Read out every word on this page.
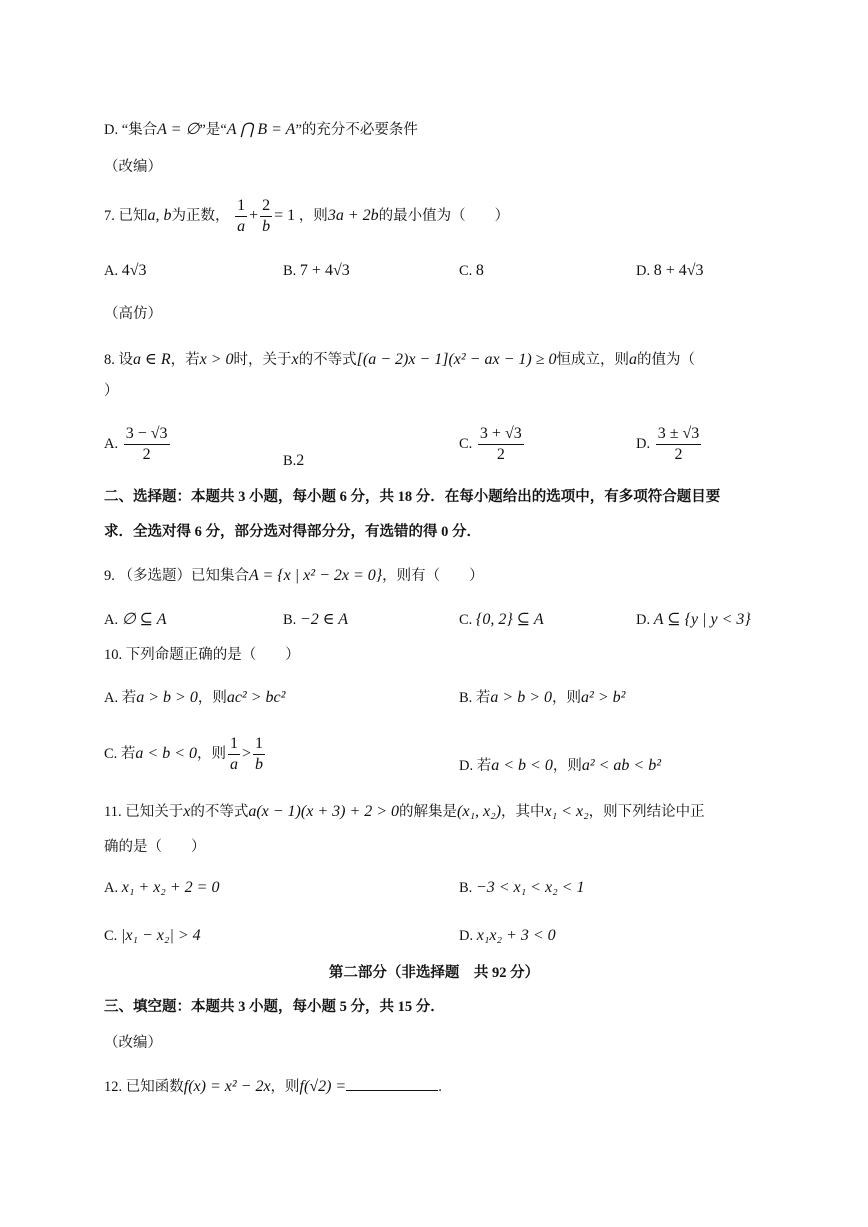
D. “集合A = ∅”是“A ⋂ B = A”的充分不必要条件
（改编）
7. 已知a, b为正数， $\frac{1}{a} + \frac{2}{b} = 1$ ，则3a + 2b的最小值为（　　）
A. 4√3	B. 7 + 4√3	C. 8	D. 8 + 4√3
（高仿）
8. 设a ∈ R，若x > 0时，关于x的不等式[(a − 2)x − 1](x² − ax − 1) ≥ 0恒成立，则a的值为（
）
A. $\frac{3 - √3}{2}$	B.2
C. $\frac{3 + √3}{2}$	D. $\frac{3 \pm √3}{2}$
二、选择题：本题共 3 小题，每小题 6 分，共 18 分．在每小题给出的选项中，有多项符合题目要
求．全选对得 6 分，部分选对得部分分，有选错的得 0 分．
9. （多选题）已知集合A = {x | x² − 2x = 0}，则有（　　）
A. ∅ ⊆ A	B. −2 ∈ A	C. {0, 2} ⊆ A	D. A ⊆ {y | y < 3}
10. 下列命题正确的是（　　）
A. 若a > b > 0，则ac² > bc²	B. 若a > b > 0，则a² > b²
C. 若a < b < 0，则 $\frac{1}{a} > \frac{1}{b}$	D. 若a < b < 0，则a² < ab < b²
11. 已知关于x的不等式a(x − 1)(x + 3) + 2 > 0的解集是(x₁, x₂)，其中x₁ < x₂，则下列结论中正
确的是（　　）
A. x₁ + x₂ + 2 = 0	B. −3 < x₁ < x₂ < 1
C. |x₁ − x₂| > 4	D. x₁x₂ + 3 < 0
第二部分（非选择题　共 92 分）
三、填空题：本题共 3 小题，每小题 5 分，共 15 分．
（改编）
12. 已知函数f(x) = x² − 2x，则f(√2) =	.
